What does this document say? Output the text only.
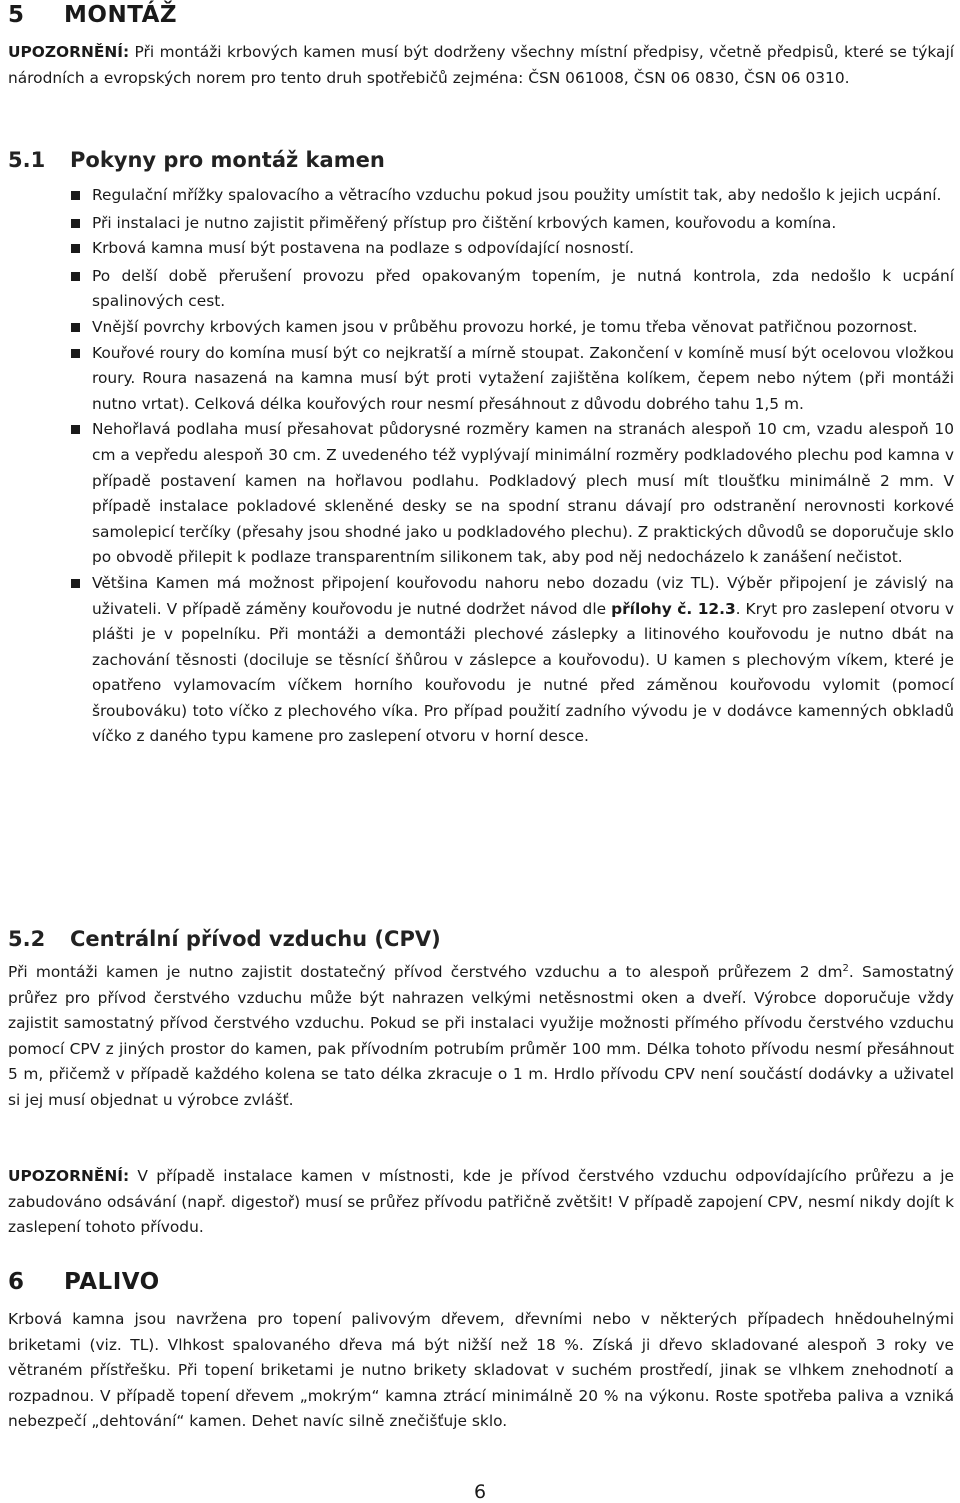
5 MONTÁŽ
UPOZORNĚNÍ: Při montáži krbových kamen musí být dodrženy všechny místní předpisy, včetně předpisů, které se týkají národních a evropských norem pro tento druh spotřebičů zejména: ČSN 061008, ČSN 06 0830, ČSN 06 0310.
5.1 Pokyny pro montáž kamen
Regulační mřížky spalovacího a větracího vzduchu pokud jsou použity umístit tak, aby nedošlo k jejich ucpání.
Při instalaci je nutno zajistit přiměřený přístup pro čištění krbových kamen, kouřovodu a komína.
Krbová kamna musí být postavena na podlaze s odpovídající nosností.
Po delší době přerušení provozu před opakovaným topením, je nutná kontrola, zda nedošlo k ucpání spalinových cest.
Vnější povrchy krbových kamen jsou v průběhu provozu horké, je tomu třeba věnovat patřičnou pozornost.
Kouřové roury do komína musí být co nejkratší a mírně stoupat. Zakončení v komíně musí být ocelovou vložkou roury. Roura nasazená na kamna musí být proti vytažení zajištěna kolíkem, čepem nebo nýtem (při montáži nutno vrtat). Celková délka kouřových rour nesmí přesáhnout z důvodu dobrého tahu 1,5 m.
Nehořlavá podlaha musí přesahovat půdorysné rozměry kamen na stranách alespoň 10 cm, vzadu alespoň 10 cm a vepředu alespoň 30 cm. Z uvedeného též vyplývají minimální rozměry podkladového plechu pod kamna v případě postavení kamen na hořlavou podlahu. Podkladový plech musí mít tloušťku minimálně 2 mm. V případě instalace pokladové skleněné desky se na spodní stranu dávají pro odstranění nerovnosti korkové samolepicí terčíky (přesahy jsou shodné jako u podkladového plechu). Z praktických důvodů se doporučuje sklo po obvodě přilepit k podlaze transparentním silikonem tak, aby pod něj nedocházelo k zanášení nečistot.
Většina Kamen má možnost připojení kouřovodu nahoru nebo dozadu (viz TL). Výběr připojení je závislý na uživateli. V případě záměny kouřovodu je nutné dodržet návod dle přílohy č. 12.3. Kryt pro zaslepení otvoru v plášti je v popelníku. Při montáži a demontáži plechové záslepky a litinového kouřovodu je nutno dbát na zachování těsnosti (dociluje se těsnící šňůrou v záslepce a kouřovodu). U kamen s plechovým víkem, které je opatřeno vylamovacím víčkem horního kouřovodu je nutné před záměnou kouřovodu vylomit (pomocí šroubováku) toto víčko z plechového víka. Pro případ použití zadního vývodu je v dodávce kamenných obkladů víčko z daného typu kamene pro zaslepení otvoru v horní desce.
5.2 Centrální přívod vzduchu (CPV)
Při montáži kamen je nutno zajistit dostatečný přívod čerstvého vzduchu a to alespoň průřezem 2 $dm^2$. Samostatný průřez pro přívod čerstvého vzduchu může být nahrazen velkými netěsnostmi oken a dveří. Výrobce doporučuje vždy zajistit samostatný přívod čerstvého vzduchu. Pokud se při instalaci využije možnosti přímého přívodu čerstvého vzduchu pomocí CPV z jiných prostor do kamen, pak přívodním potrubím průměr 100 mm. Délka tohoto přívodu nesmí přesáhnout 5 m, přičemž v případě každého kolena se tato délka zkracuje o 1 m. Hrdlo přívodu CPV není součástí dodávky a uživatel si jej musí objednat u výrobce zvlášť.
UPOZORNĚNÍ: V případě instalace kamen v místnosti, kde je přívod čerstvého vzduchu odpovídajícího průřezu a je zabudováno odsávání (např. digestoř) musí se průřez přívodu patřičně zvětšit! V případě zapojení CPV, nesmí nikdy dojít k zaslepení tohoto přívodu.
6 PALIVO
Krbová kamna jsou navržena pro topení palivovým dřevem, dřevními nebo v některých případech hnědouhelnými briketami (viz. TL). Vlhkost spalovaného dřeva má být nižší než 18 %. Získá ji dřevo skladované alespoň 3 roky ve větraném přístřešku. Při topení briketami je nutno brikety skladovat v suchém prostředí, jinak se vlhkem znehodnotí a rozpadnou. V případě topení dřevem „mokrým“ kamna ztrácí minimálně 20 % na výkonu. Roste spotřeba paliva a vzniká nebezpečí „dehtování“ kamen. Dehet navíc silně znečišťuje sklo.
6
